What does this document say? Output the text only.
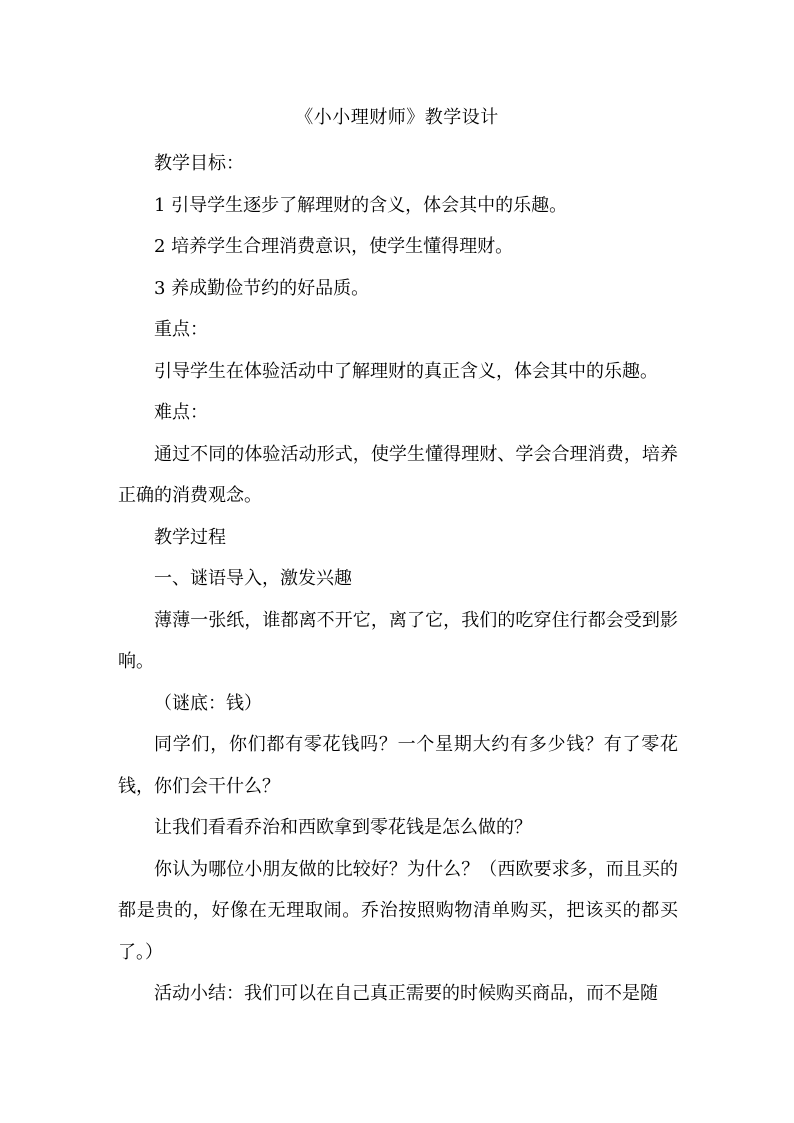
《小小理财师》教学设计

教学目标：

1 引导学生逐步了解理财的含义，体会其中的乐趣。

2 培养学生合理消费意识，使学生懂得理财。

3 养成勤俭节约的好品质。

重点：

引导学生在体验活动中了解理财的真正含义，体会其中的乐趣。

难点：

通过不同的体验活动形式，使学生懂得理财、学会合理消费，培养正确的消费观念。

教学过程

一、谜语导入，激发兴趣

薄薄一张纸，谁都离不开它，离了它，我们的吃穿住行都会受到影响。

（谜底：钱）

同学们，你们都有零花钱吗？一个星期大约有多少钱？有了零花钱，你们会干什么？

让我们看看乔治和西欧拿到零花钱是怎么做的？

你认为哪位小朋友做的比较好？为什么？（西欧要求多，而且买的都是贵的，好像在无理取闹。乔治按照购物清单购买，把该买的都买了。）

活动小结：我们可以在自己真正需要的时候购买商品，而不是随
